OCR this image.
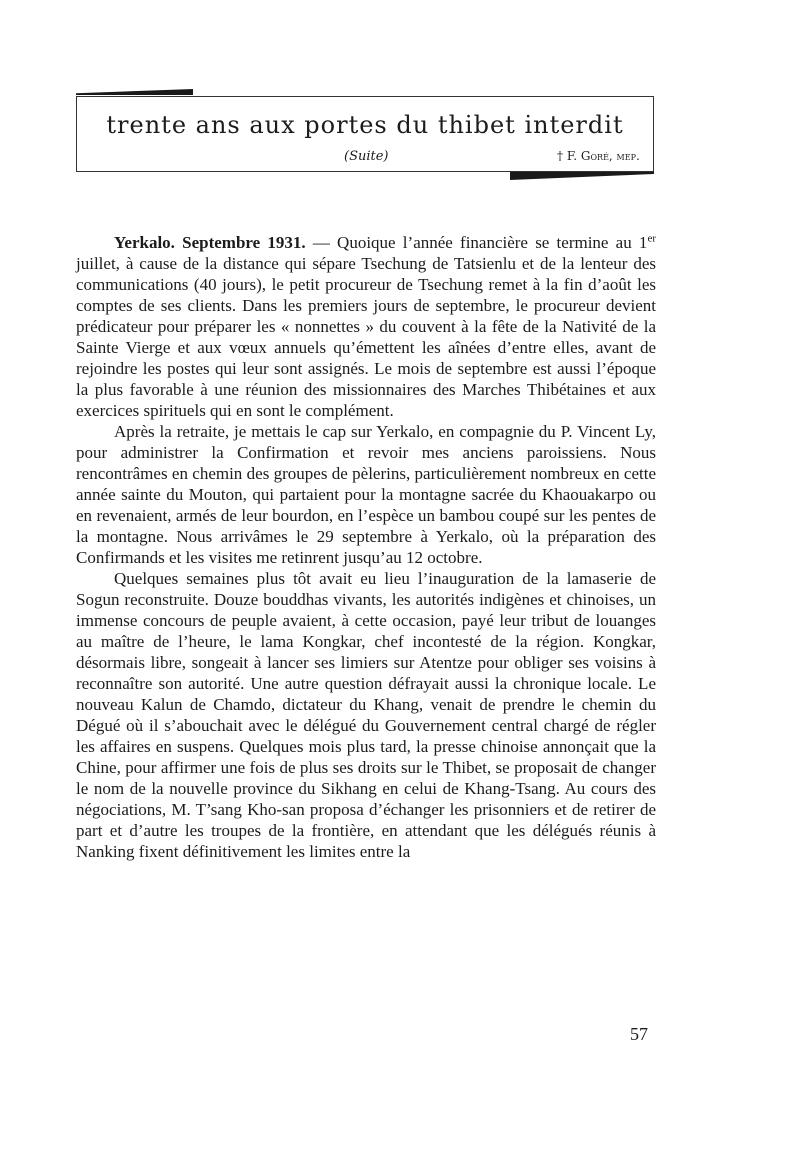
trente ans aux portes du thibet interdit
(Suite)	† F. Goré, mep.

Yerkalo. Septembre 1931. — Quoique l’année financière se termine au 1er juillet, à cause de la distance qui sépare Tsechung de Tatsienlu et de la lenteur des communications (40 jours), le petit procureur de Tsechung remet à la fin d’août les comptes de ses clients. Dans les premiers jours de septembre, le procureur devient prédicateur pour préparer les « nonnettes » du couvent à la fête de la Nativité de la Sainte Vierge et aux vœux annuels qu’émettent les aînées d’entre elles, avant de rejoindre les postes qui leur sont assignés. Le mois de septembre est aussi l’époque la plus favorable à une réunion des missionnaires des Marches Thibétaines et aux exercices spirituels qui en sont le complément.

Après la retraite, je mettais le cap sur Yerkalo, en compagnie du P. Vincent Ly, pour administrer la Confirmation et revoir mes anciens paroissiens. Nous rencontrâmes en chemin des groupes de pèlerins, particulièrement nombreux en cette année sainte du Mouton, qui partaient pour la montagne sacrée du Khaouakarpo ou en revenaient, armés de leur bourdon, en l’espèce un bambou coupé sur les pentes de la montagne. Nous arrivâmes le 29 septembre à Yerkalo, où la préparation des Confirmands et les visites me retinrent jusqu’au 12 octobre.

Quelques semaines plus tôt avait eu lieu l’inauguration de la lamaserie de Sogun reconstruite. Douze bouddhas vivants, les autorités indigènes et chinoises, un immense concours de peuple avaient, à cette occasion, payé leur tribut de louanges au maître de l’heure, le lama Kongkar, chef incontesté de la région. Kongkar, désormais libre, songeait à lancer ses limiers sur Atentze pour obliger ses voisins à reconnaître son autorité. Une autre question défrayait aussi la chronique locale. Le nouveau Kalun de Chamdo, dictateur du Khang, venait de prendre le chemin du Dégué où il s’abouchait avec le délégué du Gouvernement central chargé de régler les affaires en suspens. Quelques mois plus tard, la presse chinoise annonçait que la Chine, pour affirmer une fois de plus ses droits sur le Thibet, se proposait de changer le nom de la nouvelle province du Sikhang en celui de Khang-Tsang. Au cours des négociations, M. T’sang Kho-san proposa d’échanger les prisonniers et de retirer de part et d’autre les troupes de la frontière, en attendant que les délégués réunis à Nanking fixent définitivement les limites entre la

57
